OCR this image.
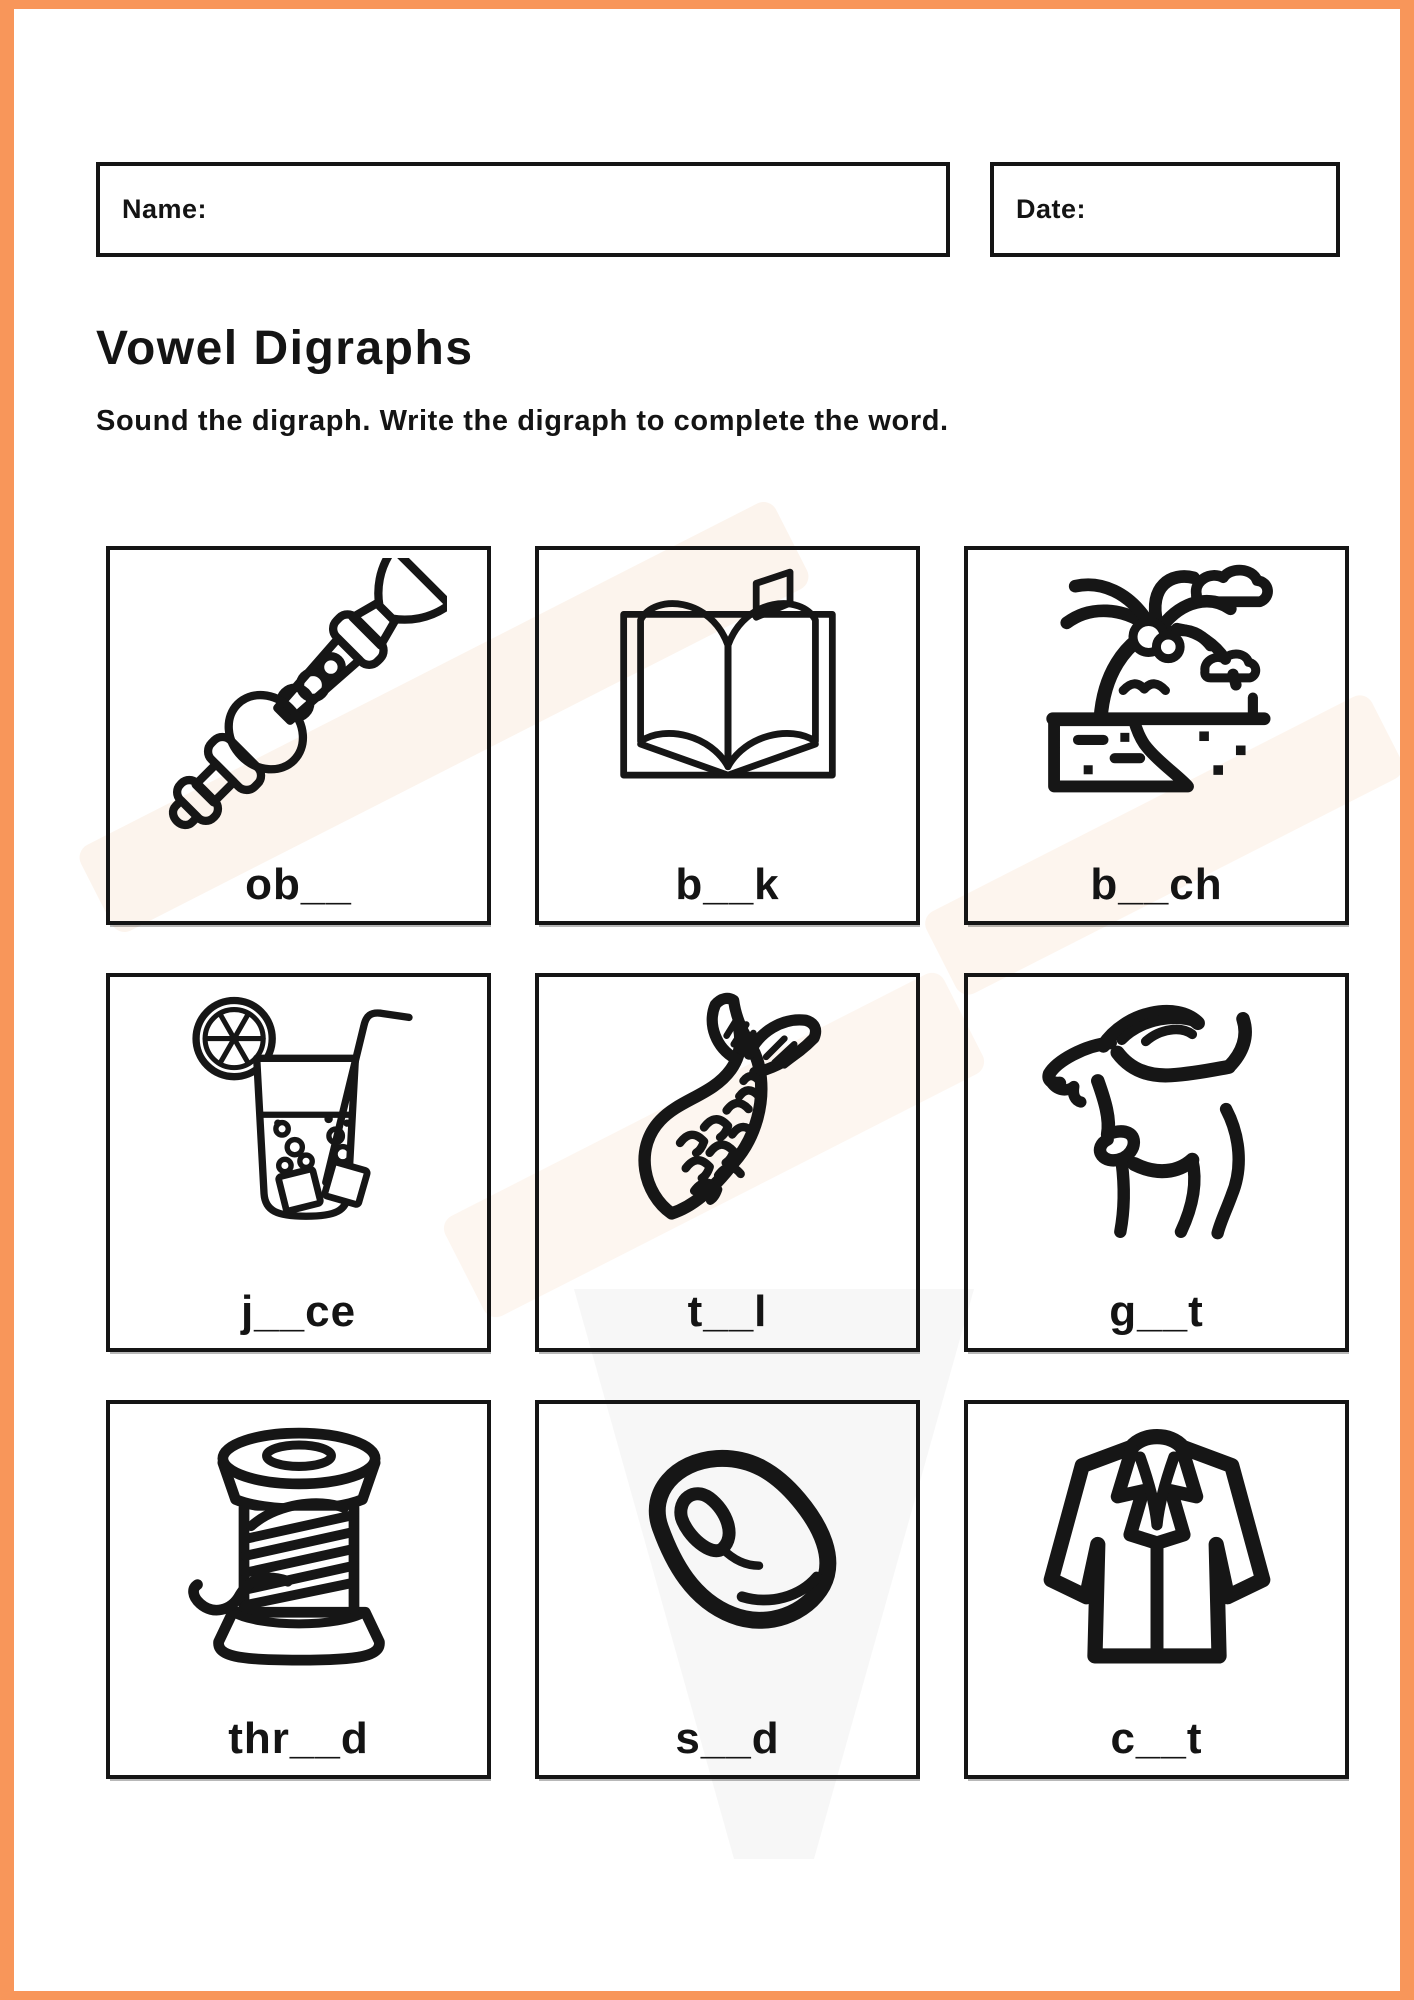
Name:	Date:
Vowel Digraphs
Sound the digraph. Write the digraph to complete the word.
ob__	b__k	b__ch
j__ce	t__l	g__t
thr__d	s__d	c__t
